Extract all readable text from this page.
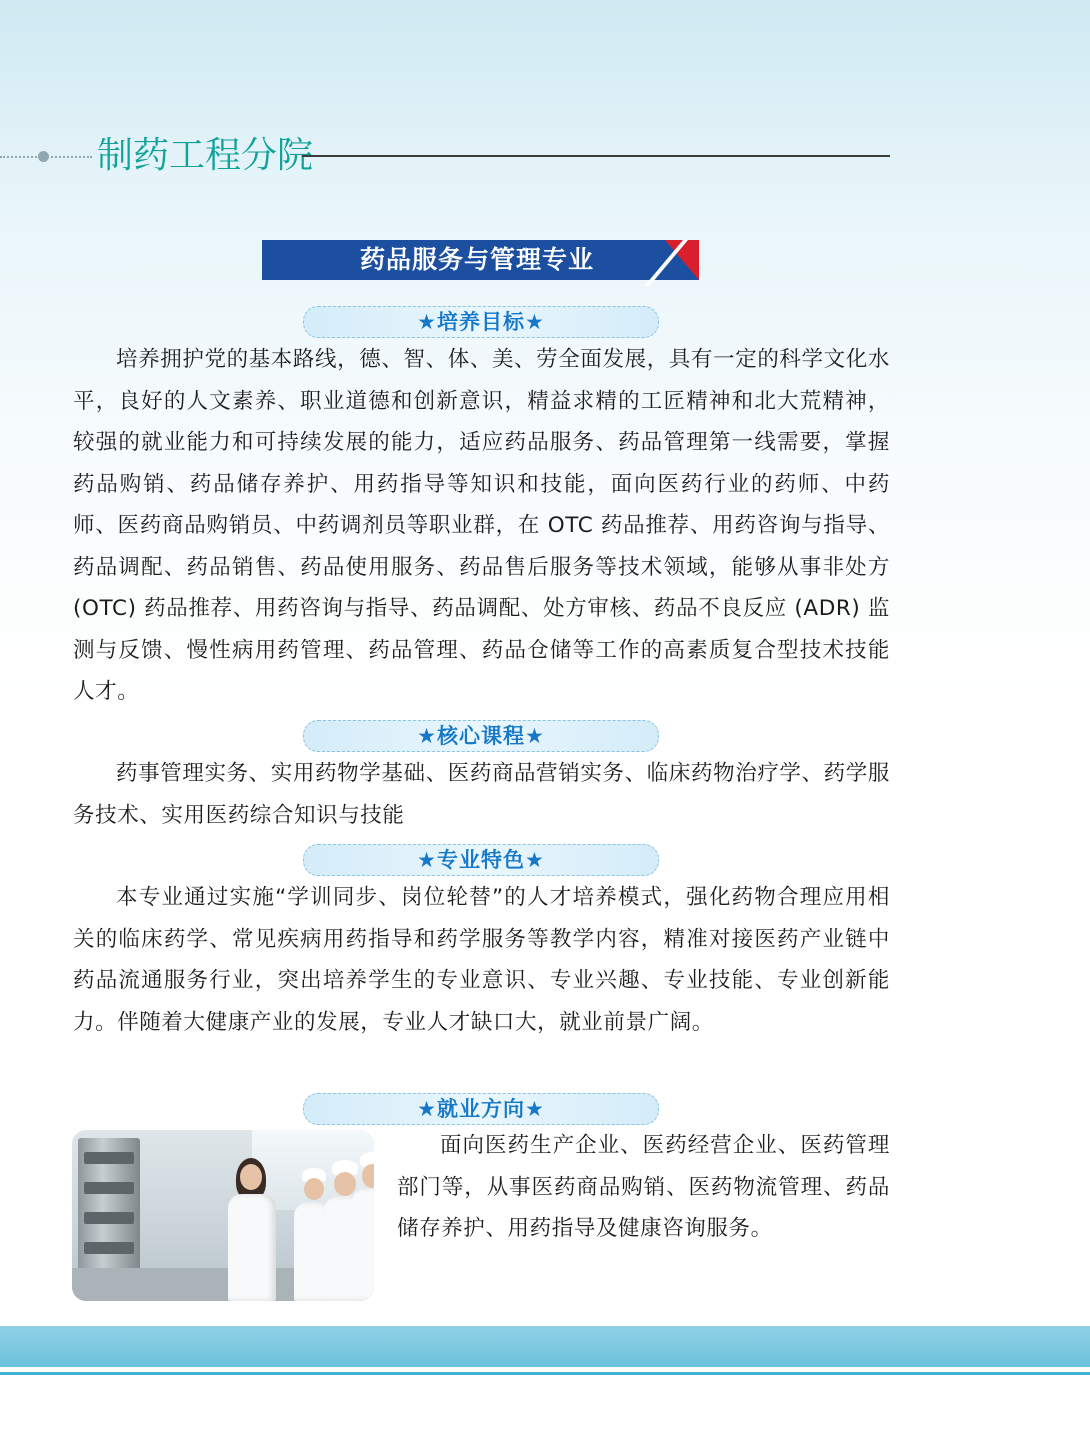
制药工程分院
药品服务与管理专业
★培养目标★

培养拥护党的基本路线，德、智、体、美、劳全面发展，具有一定的科学文化水平，良好的人文素养、职业道德和创新意识，精益求精的工匠精神和北大荒精神，较强的就业能力和可持续发展的能力，适应药品服务、药品管理第一线需要，掌握药品购销、药品储存养护、用药指导等知识和技能，面向医药行业的药师、中药师、医药商品购销员、中药调剂员等职业群，在 OTC 药品推荐、用药咨询与指导、药品调配、药品销售、药品使用服务、药品售后服务等技术领域，能够从事非处方 (OTC) 药品推荐、用药咨询与指导、药品调配、处方审核、药品不良反应 (ADR) 监测与反馈、慢性病用药管理、药品管理、药品仓储等工作的高素质复合型技术技能人才。

★核心课程★

药事管理实务、实用药物学基础、医药商品营销实务、临床药物治疗学、药学服务技术、实用医药综合知识与技能

★专业特色★

本专业通过实施“学训同步、岗位轮替”的人才培养模式，强化药物合理应用相关的临床药学、常见疾病用药指导和药学服务等教学内容，精准对接医药产业链中药品流通服务行业，突出培养学生的专业意识、专业兴趣、专业技能、专业创新能力。伴随着大健康产业的发展，专业人才缺口大，就业前景广阔。

★就业方向★

面向医药生产企业、医药经营企业、医药管理部门等，从事医药商品购销、医药物流管理、药品储存养护、用药指导及健康咨询服务。
